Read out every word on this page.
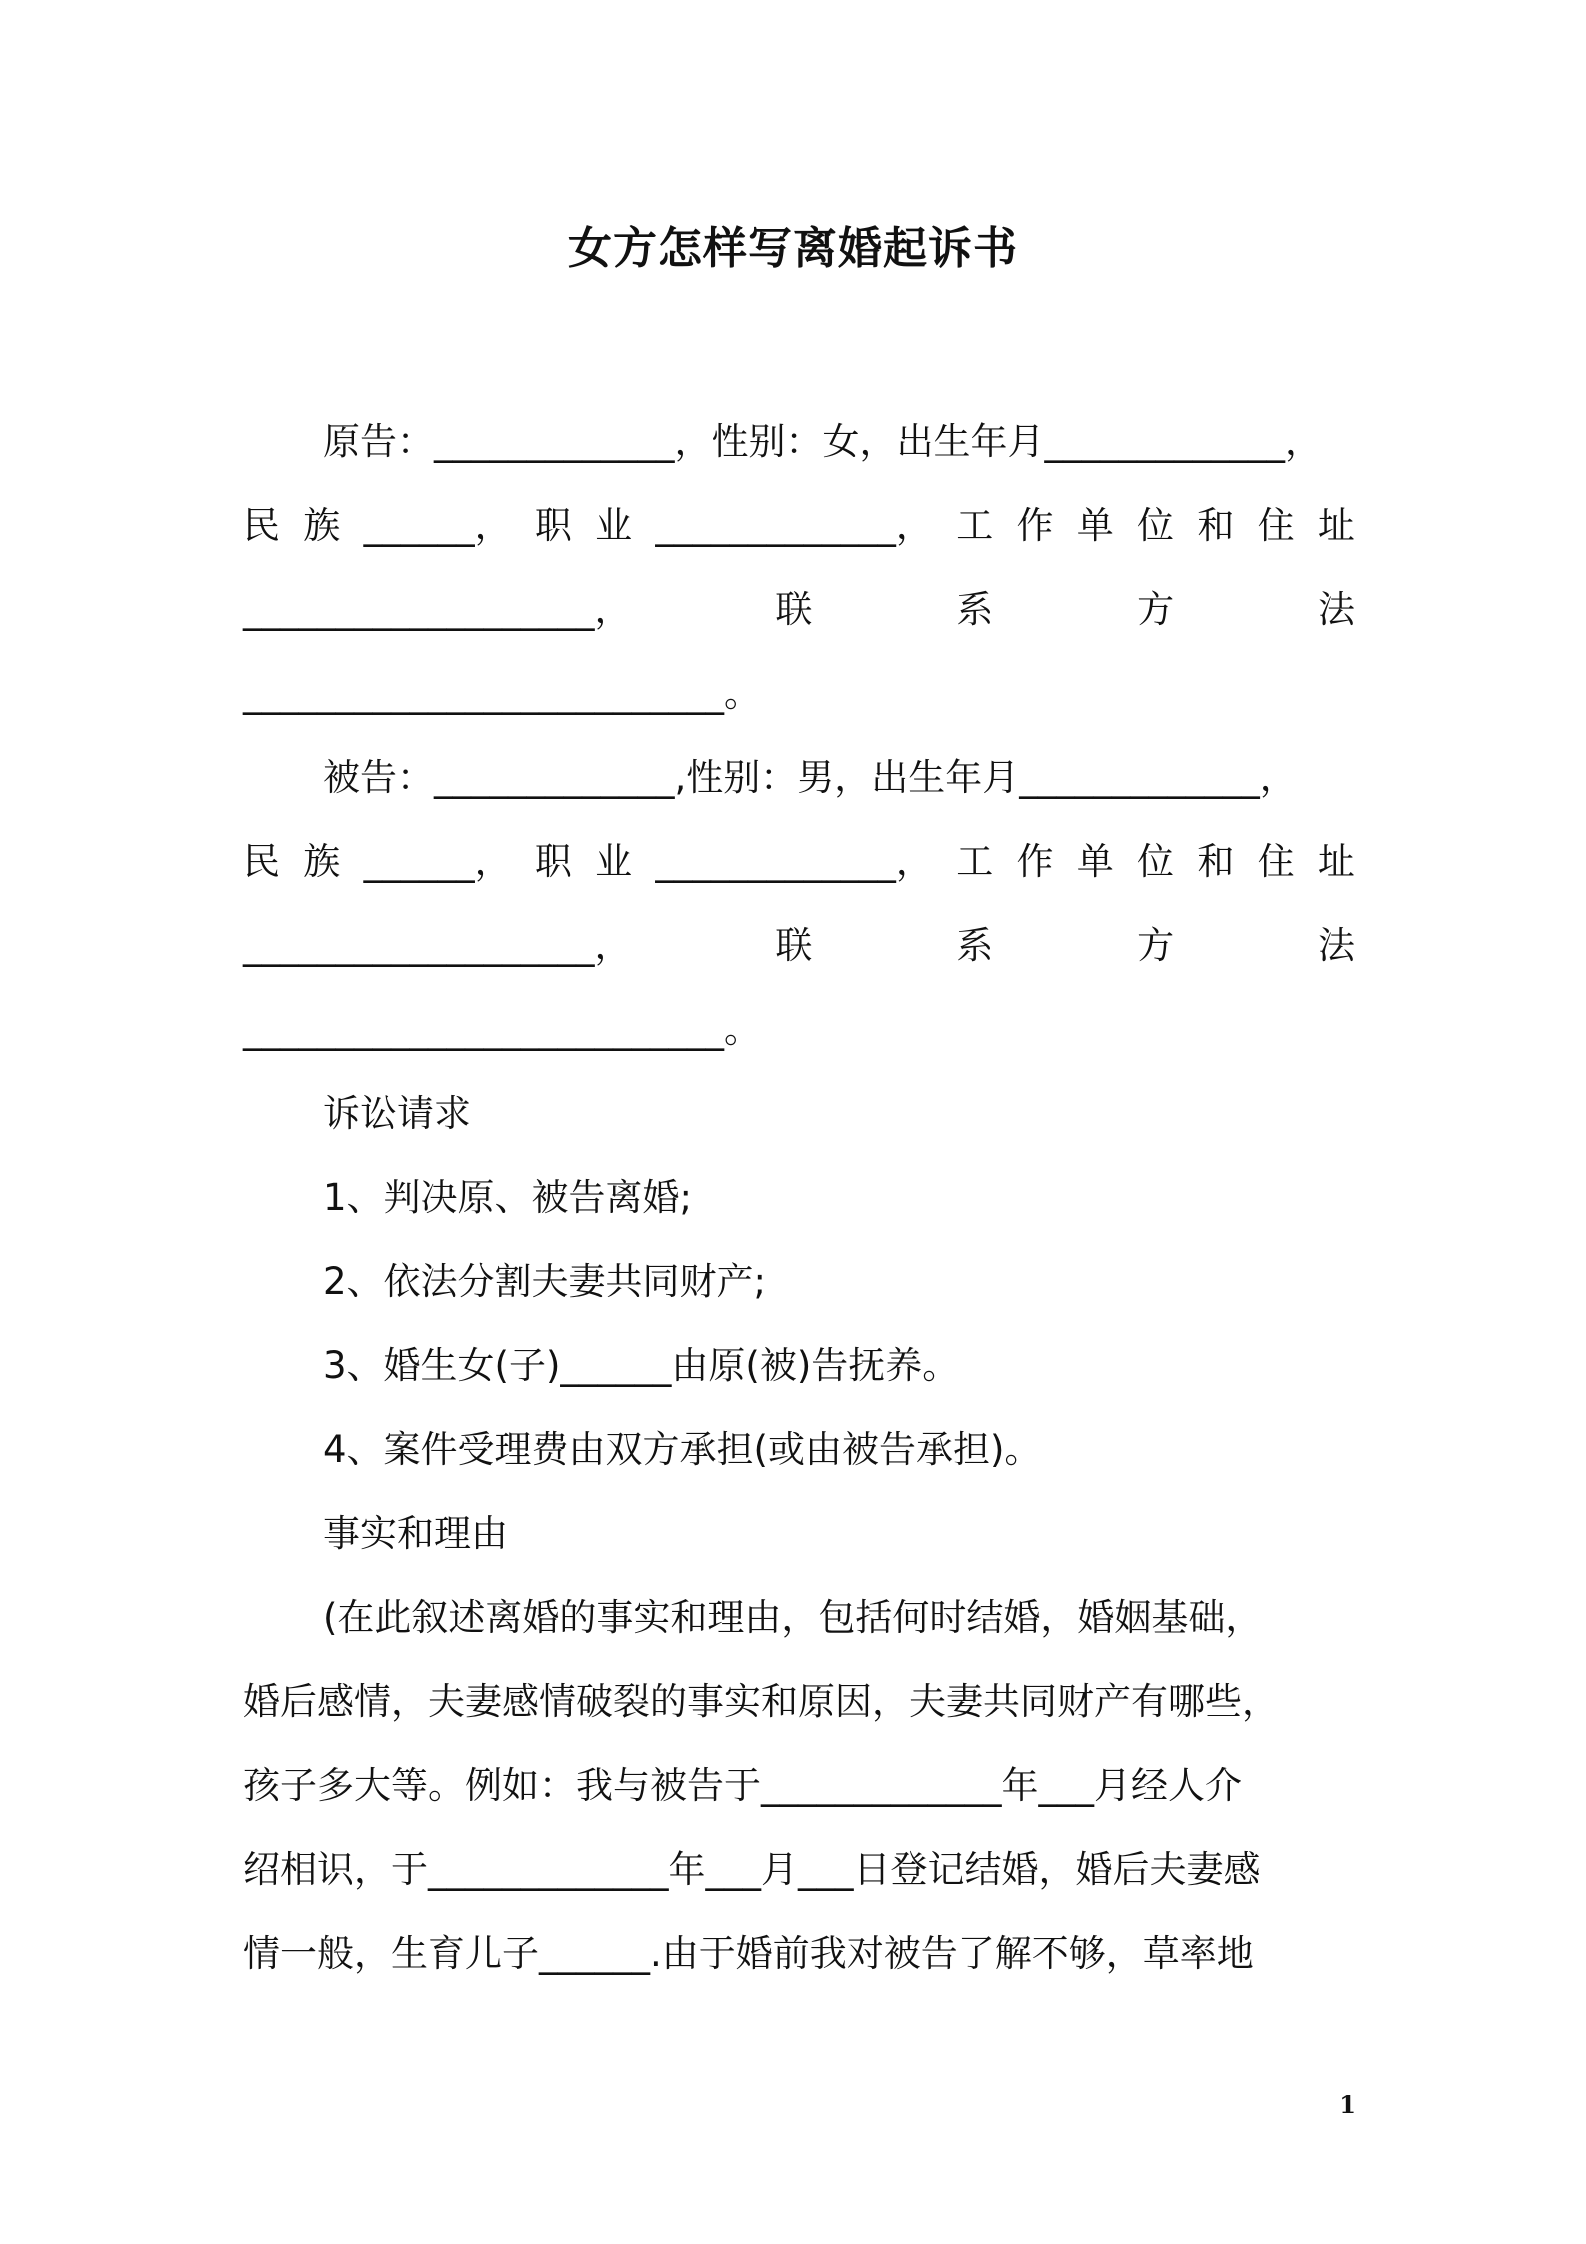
女方怎样写离婚起诉书
原告：_____________，性别：女，出生年月_____________，
民 族 ______， 职 业 _____________， 工 作 单 位 和 住 址
___________________，	联	系	方	法
__________________________。
被告：_____________,性别：男，出生年月_____________，
民 族 ______， 职 业 _____________， 工 作 单 位 和 住 址
___________________，	联	系	方	法
__________________________。
诉讼请求
1、判决原、被告离婚;
2、依法分割夫妻共同财产;
3、婚生女(子)______由原(被)告抚养。
4、案件受理费由双方承担(或由被告承担)。
事实和理由
(在此叙述离婚的事实和理由，包括何时结婚，婚姻基础，
婚后感情，夫妻感情破裂的事实和原因，夫妻共同财产有哪些，
孩子多大等。例如：我与被告于_____________年___月经人介
绍相识，于_____________年___月___日登记结婚，婚后夫妻感
情一般，生育儿子______.由于婚前我对被告了解不够，草率地
1
